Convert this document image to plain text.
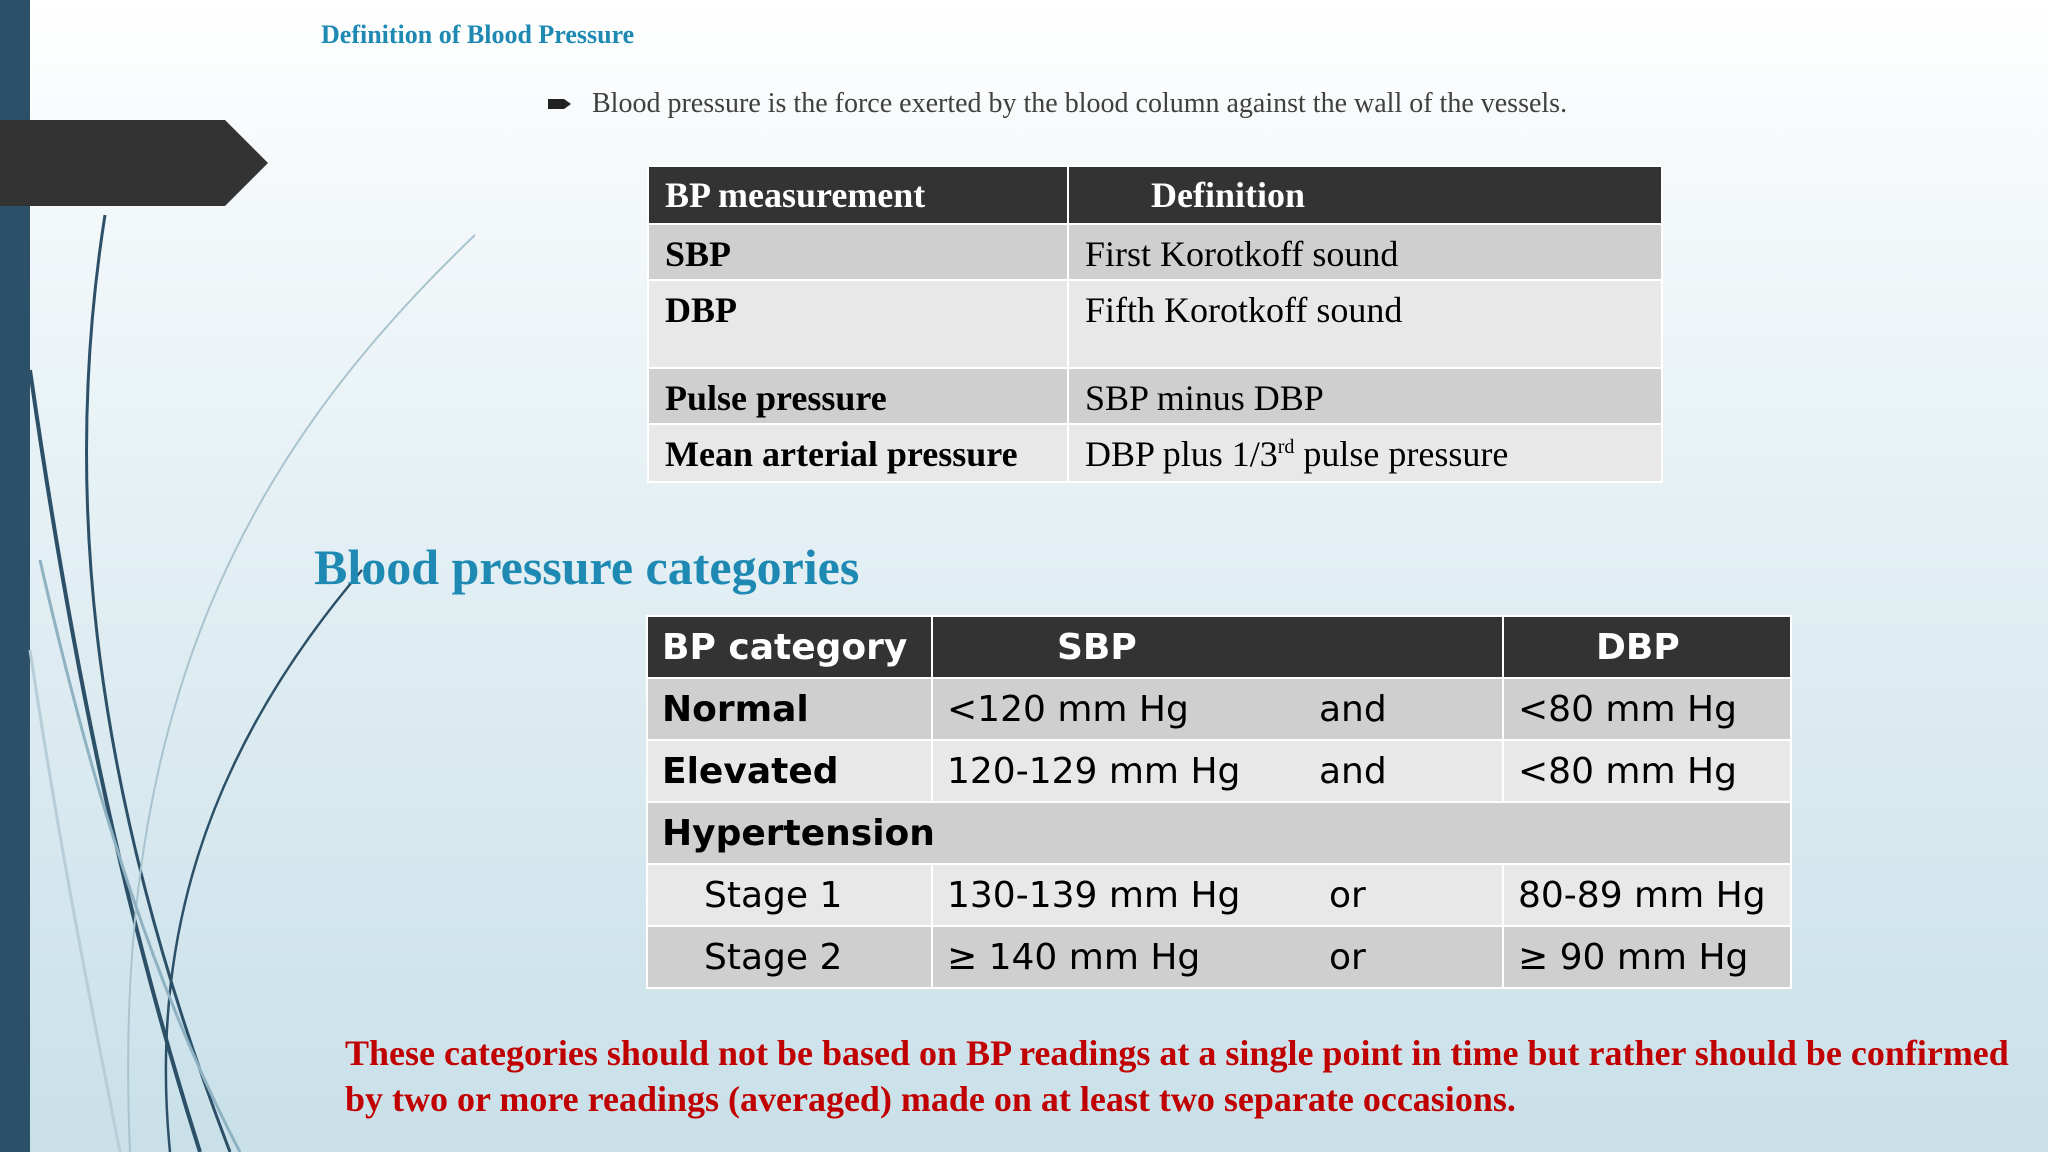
Definition of Blood Pressure
Blood pressure is the force exerted by the blood column against the wall of the vessels.
BP measurement	Definition
SBP	First Korotkoff sound
DBP	Fifth Korotkoff sound
Pulse pressure	SBP minus DBP
Mean arterial pressure	DBP plus 1/3rd pulse pressure
Blood pressure categories
BP category	SBP	DBP
Normal	<120 mm Hg and	<80 mm Hg
Elevated	120-129 mm Hg and	<80 mm Hg
Hypertension		
Stage 1	130-139 mm Hg or	80-89 mm Hg
Stage 2	≥ 140 mm Hg or	≥ 90 mm Hg

These categories should not be based on BP readings at a single point in time but rather should be confirmed by two or more readings (averaged) made on at least two separate occasions.
